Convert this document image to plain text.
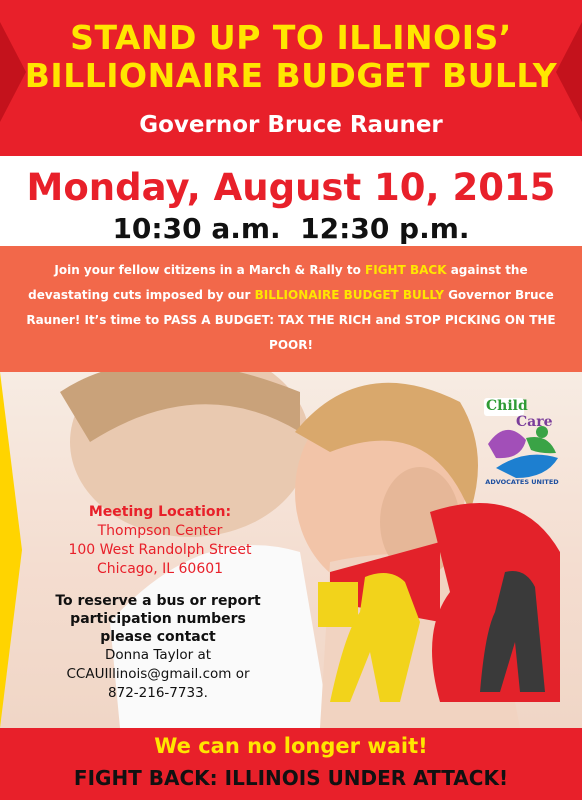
STAND UP TO ILLINOIS’
BILLIONAIRE BUDGET BULLY
Governor Bruce Rauner
Monday, August 10, 2015
10:30 a.m.  12:30 p.m.

Join your fellow citizens in a March & Rally to FIGHT BACK against the devastating cuts imposed by our BILLIONAIRE BUDGET BULLY Governor Bruce Rauner! It’s time to PASS A BUDGET: TAX THE RICH and STOP PICKING ON THE POOR!

Child
Care
ADVOCATES UNITED
Meeting Location:
Thompson Center
100 West Randolph Street
Chicago, IL 60601
To reserve a bus or report
participation numbers
please contact
Donna Taylor at
CCAUIllinois@gmail.com or
872-216-7733.
We can no longer wait!
FIGHT BACK: ILLINOIS UNDER ATTACK!
